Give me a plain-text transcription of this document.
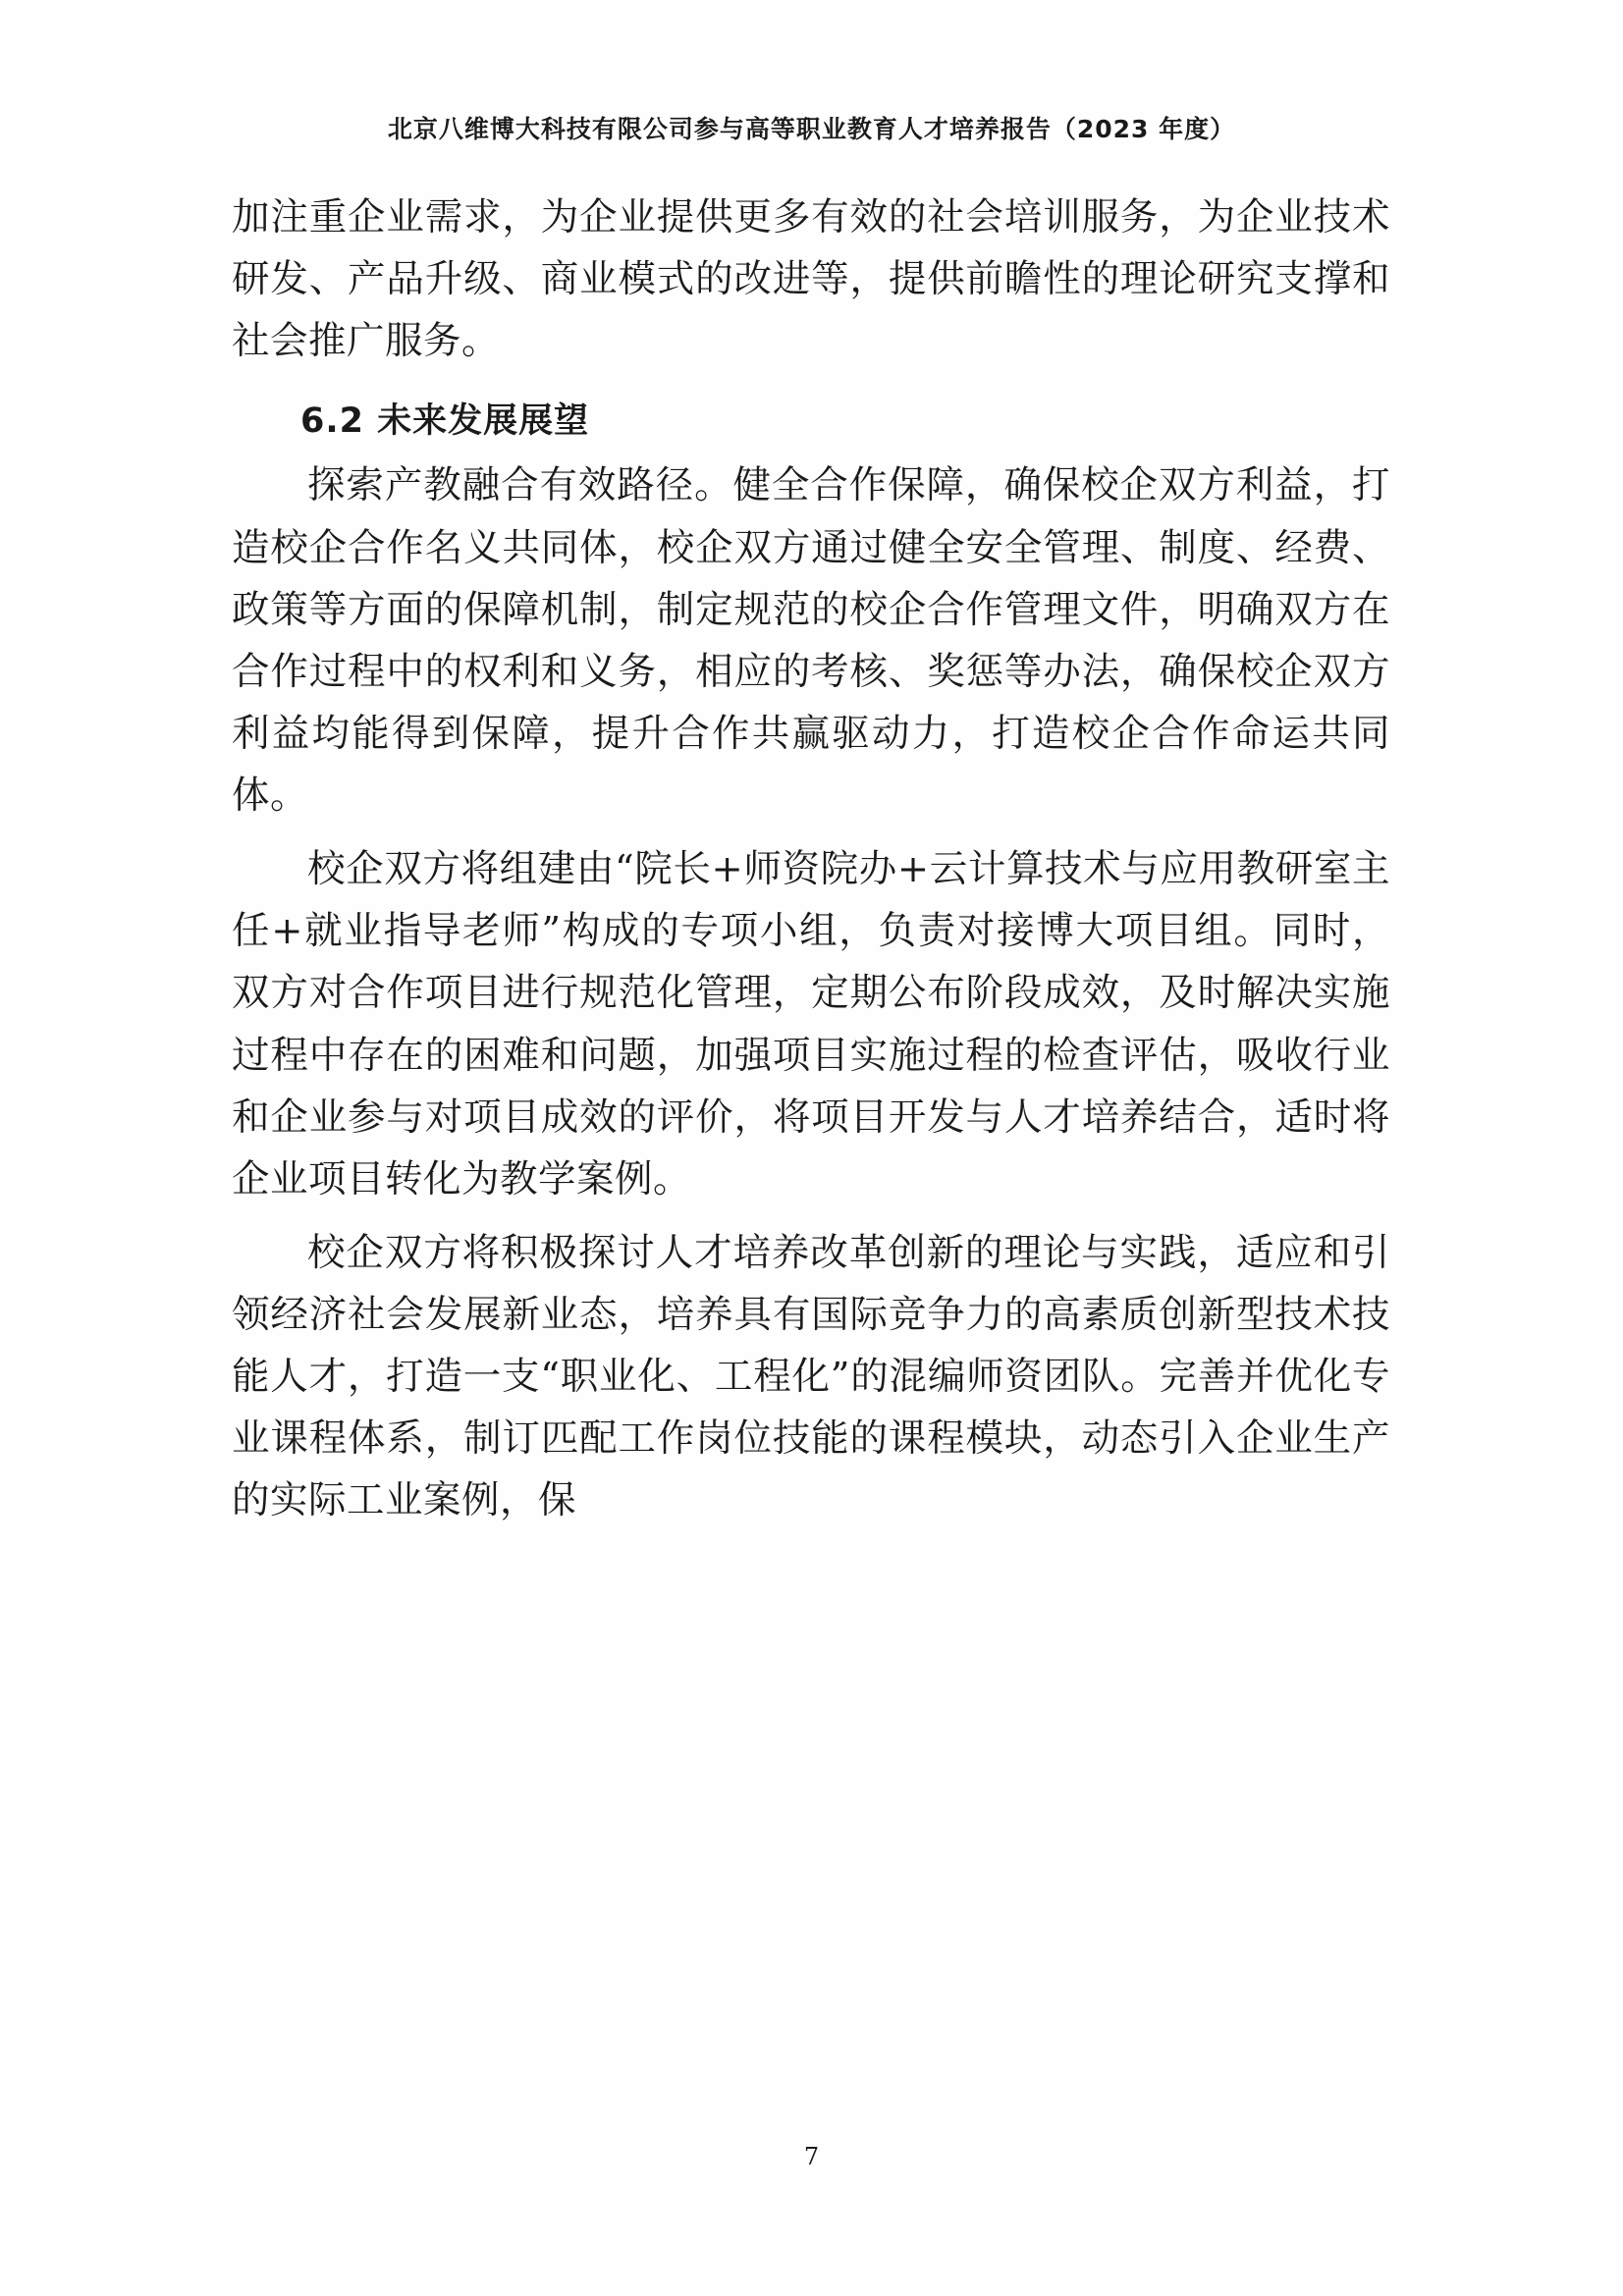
北京八维博大科技有限公司参与高等职业教育人才培养报告（2023 年度）

加注重企业需求，为企业提供更多有效的社会培训服务，为企业技术研发、产品升级、商业模式的改进等，提供前瞻性的理论研究支撑和社会推广服务。

6.2 未来发展展望

探索产教融合有效路径。健全合作保障，确保校企双方利益，打造校企合作名义共同体，校企双方通过健全安全管理、制度、经费、政策等方面的保障机制，制定规范的校企合作管理文件，明确双方在合作过程中的权利和义务，相应的考核、奖惩等办法，确保校企双方利益均能得到保障，提升合作共赢驱动力，打造校企合作命运共同体。

校企双方将组建由“院长+师资院办+云计算技术与应用教研室主任+就业指导老师”构成的专项小组，负责对接博大项目组。同时，双方对合作项目进行规范化管理，定期公布阶段成效，及时解决实施过程中存在的困难和问题，加强项目实施过程的检查评估，吸收行业和企业参与对项目成效的评价，将项目开发与人才培养结合，适时将企业项目转化为教学案例。

校企双方将积极探讨人才培养改革创新的理论与实践，适应和引领经济社会发展新业态，培养具有国际竞争力的高素质创新型技术技能人才，打造一支“职业化、工程化”的混编师资团队。完善并优化专业课程体系，制订匹配工作岗位技能的课程模块，动态引入企业生产的实际工业案例，保

7
